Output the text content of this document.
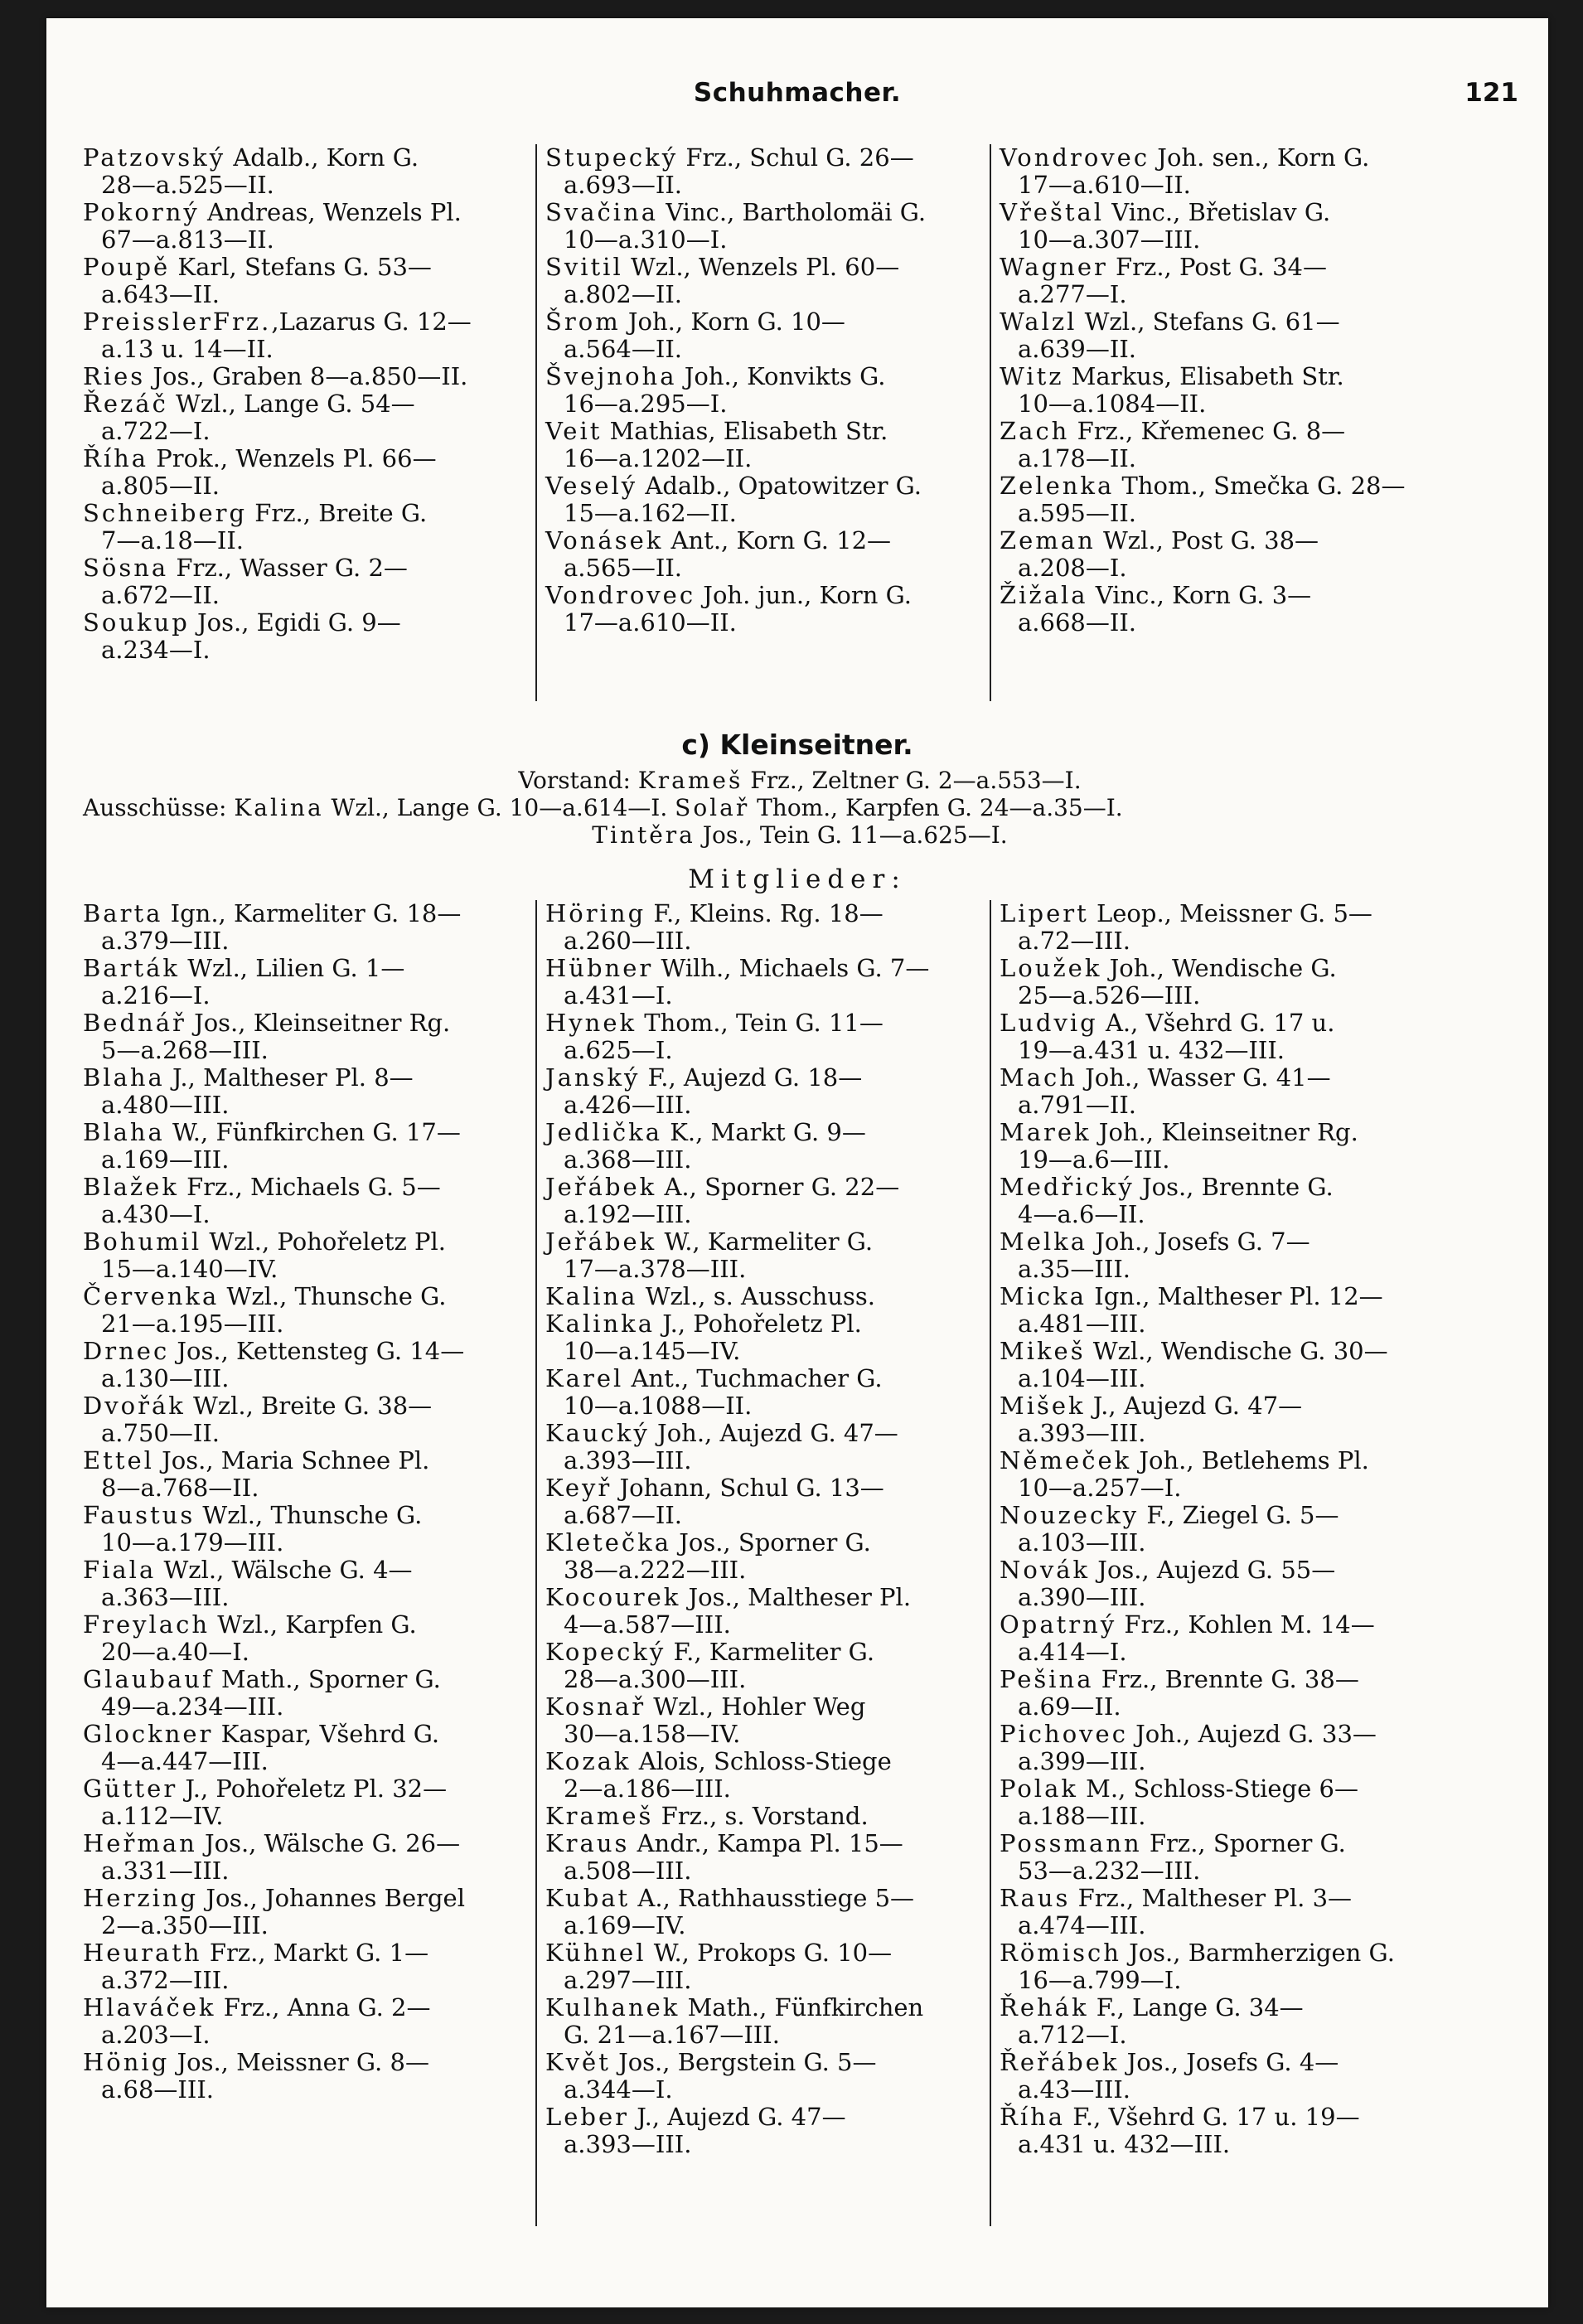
Schuhmacher.	121
Patzovský Adalb., Korn G.
28—a.525—II.
Pokorný Andreas, Wenzels Pl.
67—a.813—II.
Poupě Karl, Stefans G. 53—
a.643—II.
PreisslerFrz.,Lazarus G. 12—
a.13 u. 14—II.
Ries Jos., Graben 8—a.850—II.
Řezáč Wzl., Lange G. 54—
a.722—I.
Říha Prok., Wenzels Pl. 66—
a.805—II.
Schneiberg Frz., Breite G.
7—a.18—II.
Sösna Frz., Wasser G. 2—
a.672—II.
Soukup Jos., Egidi G. 9—
a.234—I.
Stupecký Frz., Schul G. 26—
a.693—II.
Svačina Vinc., Bartholomäi G.
10—a.310—I.
Svitil Wzl., Wenzels Pl. 60—
a.802—II.
Šrom Joh., Korn G. 10—
a.564—II.
Švejnoha Joh., Konvikts G.
16—a.295—I.
Veit Mathias, Elisabeth Str.
16—a.1202—II.
Veselý Adalb., Opatowitzer G.
15—a.162—II.
Vonásek Ant., Korn G. 12—
a.565—II.
Vondrovec Joh. jun., Korn G.
17—a.610—II.
Vondrovec Joh. sen., Korn G.
17—a.610—II.
Vřeštal Vinc., Břetislav G.
10—a.307—III.
Wagner Frz., Post G. 34—
a.277—I.
Walzl Wzl., Stefans G. 61—
a.639—II.
Witz Markus, Elisabeth Str.
10—a.1084—II.
Zach Frz., Křemenec G. 8—
a.178—II.
Zelenka Thom., Smečka G. 28—
a.595—II.
Zeman Wzl., Post G. 38—
a.208—I.
Žižala Vinc., Korn G. 3—
a.668—II.
c) Kleinseitner.
Vorstand: Krameš Frz., Zeltner G. 2—a.553—I.
Ausschüsse: Kalina Wzl., Lange G. 10—a.614—I. Solař Thom., Karpfen G. 24—a.35—I.
Tintěra Jos., Tein G. 11—a.625—I.
Mitglieder:
Barta Ign., Karmeliter G. 18—
a.379—III.
Barták Wzl., Lilien G. 1—
a.216—I.
Bednář Jos., Kleinseitner Rg.
5—a.268—III.
Blaha J., Maltheser Pl. 8—
a.480—III.
Blaha W., Fünfkirchen G. 17—
a.169—III.
Blažek Frz., Michaels G. 5—
a.430—I.
Bohumil Wzl., Pohořeletz Pl.
15—a.140—IV.
Červenka Wzl., Thunsche G.
21—a.195—III.
Drnec Jos., Kettensteg G. 14—
a.130—III.
Dvořák Wzl., Breite G. 38—
a.750—II.
Ettel Jos., Maria Schnee Pl.
8—a.768—II.
Faustus Wzl., Thunsche G.
10—a.179—III.
Fiala Wzl., Wälsche G. 4—
a.363—III.
Freylach Wzl., Karpfen G.
20—a.40—I.
Glaubauf Math., Sporner G.
49—a.234—III.
Glockner Kaspar, Všehrd G.
4—a.447—III.
Gütter J., Pohořeletz Pl. 32—
a.112—IV.
Heřman Jos., Wälsche G. 26—
a.331—III.
Herzing Jos., Johannes Bergel
2—a.350—III.
Heurath Frz., Markt G. 1—
a.372—III.
Hlaváček Frz., Anna G. 2—
a.203—I.
Hönig Jos., Meissner G. 8—
a.68—III.
Höring F., Kleins. Rg. 18—
a.260—III.
Hübner Wilh., Michaels G. 7—
a.431—I.
Hynek Thom., Tein G. 11—
a.625—I.
Janský F., Aujezd G. 18—
a.426—III.
Jedlička K., Markt G. 9—
a.368—III.
Jeřábek A., Sporner G. 22—
a.192—III.
Jeřábek W., Karmeliter G.
17—a.378—III.
Kalina Wzl., s. Ausschuss.
Kalinka J., Pohořeletz Pl.
10—a.145—IV.
Karel Ant., Tuchmacher G.
10—a.1088—II.
Kaucký Joh., Aujezd G. 47—
a.393—III.
Keyř Johann, Schul G. 13—
a.687—II.
Kletečka Jos., Sporner G.
38—a.222—III.
Kocourek Jos., Maltheser Pl.
4—a.587—III.
Kopecký F., Karmeliter G.
28—a.300—III.
Kosnař Wzl., Hohler Weg
30—a.158—IV.
Kozak Alois, Schloss-Stiege
2—a.186—III.
Krameš Frz., s. Vorstand.
Kraus Andr., Kampa Pl. 15—
a.508—III.
Kubat A., Rathhausstiege 5—
a.169—IV.
Kühnel W., Prokops G. 10—
a.297—III.
Kulhanek Math., Fünfkirchen
G. 21—a.167—III.
Květ Jos., Bergstein G. 5—
a.344—I.
Leber J., Aujezd G. 47—
a.393—III.
Lipert Leop., Meissner G. 5—
a.72—III.
Loužek Joh., Wendische G.
25—a.526—III.
Ludvig A., Všehrd G. 17 u.
19—a.431 u. 432—III.
Mach Joh., Wasser G. 41—
a.791—II.
Marek Joh., Kleinseitner Rg.
19—a.6—III.
Medřický Jos., Brennte G.
4—a.6—II.
Melka Joh., Josefs G. 7—
a.35—III.
Micka Ign., Maltheser Pl. 12—
a.481—III.
Mikeš Wzl., Wendische G. 30—
a.104—III.
Mišek J., Aujezd G. 47—
a.393—III.
Němeček Joh., Betlehems Pl.
10—a.257—I.
Nouzecky F., Ziegel G. 5—
a.103—III.
Novák Jos., Aujezd G. 55—
a.390—III.
Opatrný Frz., Kohlen M. 14—
a.414—I.
Pešina Frz., Brennte G. 38—
a.69—II.
Pichovec Joh., Aujezd G. 33—
a.399—III.
Polak M., Schloss-Stiege 6—
a.188—III.
Possmann Frz., Sporner G.
53—a.232—III.
Raus Frz., Maltheser Pl. 3—
a.474—III.
Römisch Jos., Barmherzigen G.
16—a.799—I.
Řehák F., Lange G. 34—
a.712—I.
Řeřábek Jos., Josefs G. 4—
a.43—III.
Říha F., Všehrd G. 17 u. 19—
a.431 u. 432—III.
